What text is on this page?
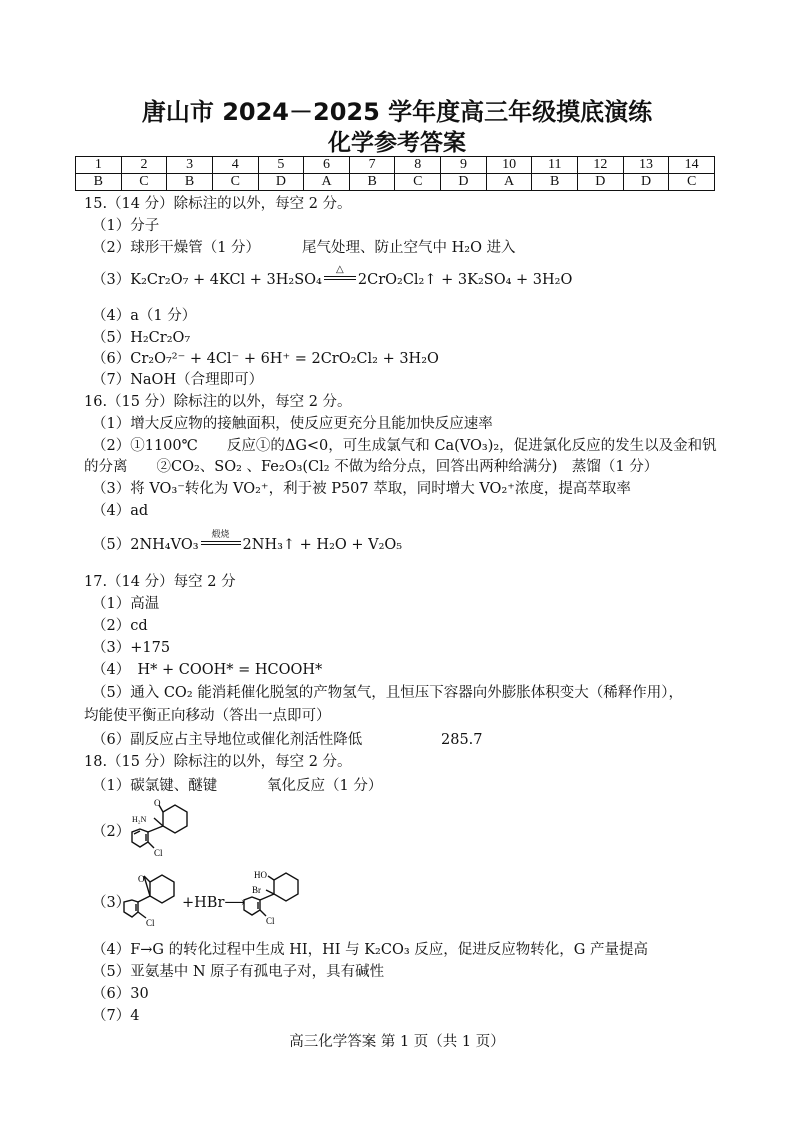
唐山市 2024－2025 学年度高三年级摸底演练
化学参考答案
1	2	3	4	5	6	7	8	9	10	11	12	13	14
B	C	B	C	D	A	B	C	D	A	B	D	D	C
15.（14 分）除标注的以外，每空 2 分。
（1）分子
（2）球形干燥管（1 分）	尾气处理、防止空气中 H₂O 进入
（3）K₂Cr₂O₇ + 4KCl + 3H₂SO₄
△
2CrO₂Cl₂↑ + 3K₂SO₄ + 3H₂O
（4）a（1 分）
（5）H₂Cr₂O₇
（6）Cr₂O₇²⁻ + 4Cl⁻ + 6H⁺ = 2CrO₂Cl₂ + 3H₂O
（7）NaOH（合理即可）
16.（15 分）除标注的以外，每空 2 分。
（1）增大反应物的接触面积，使反应更充分且能加快反应速率
（2）①1100℃　　反应①的ΔG<0，可生成氯气和 Ca(VO₃)₂，促进氯化反应的发生以及金和钒
的分离　　②CO₂、SO₂ 、Fe₂O₃(Cl₂ 不做为给分点，回答出两种给满分)　蒸馏（1 分）
（3）将 VO₃⁻转化为 VO₂⁺，利于被 P507 萃取，同时增大 VO₂⁺浓度，提高萃取率
（4）ad
（5）2NH₄VO₃
煅烧
2NH₃↑ + H₂O + V₂O₅
17.（14 分）每空 2 分
（1）高温
（2）cd
（3）+175
（4）　H* + COOH* = HCOOH*
（5）通入 CO₂ 能消耗催化脱氢的产物氢气，且恒压下容器向外膨胀体积变大（稀释作用），
均能使平衡正向移动（答出一点即可）
（6）副反应占主导地位或催化剂活性降低	285.7
18.（15 分）除标注的以外，每空 2 分。
（1）碳氯键、醚键	氧化反应（1 分）
（2）
O
H₂N
Cl
（3）
O
Cl
+HBr⟶
HO
Br
Cl
（4）F→G 的转化过程中生成 HI，HI 与 K₂CO₃ 反应，促进反应物转化，G 产量提高
（5）亚氨基中 N 原子有孤电子对，具有碱性
（6）30
（7）4
高三化学答案 第 1 页（共 1 页）
